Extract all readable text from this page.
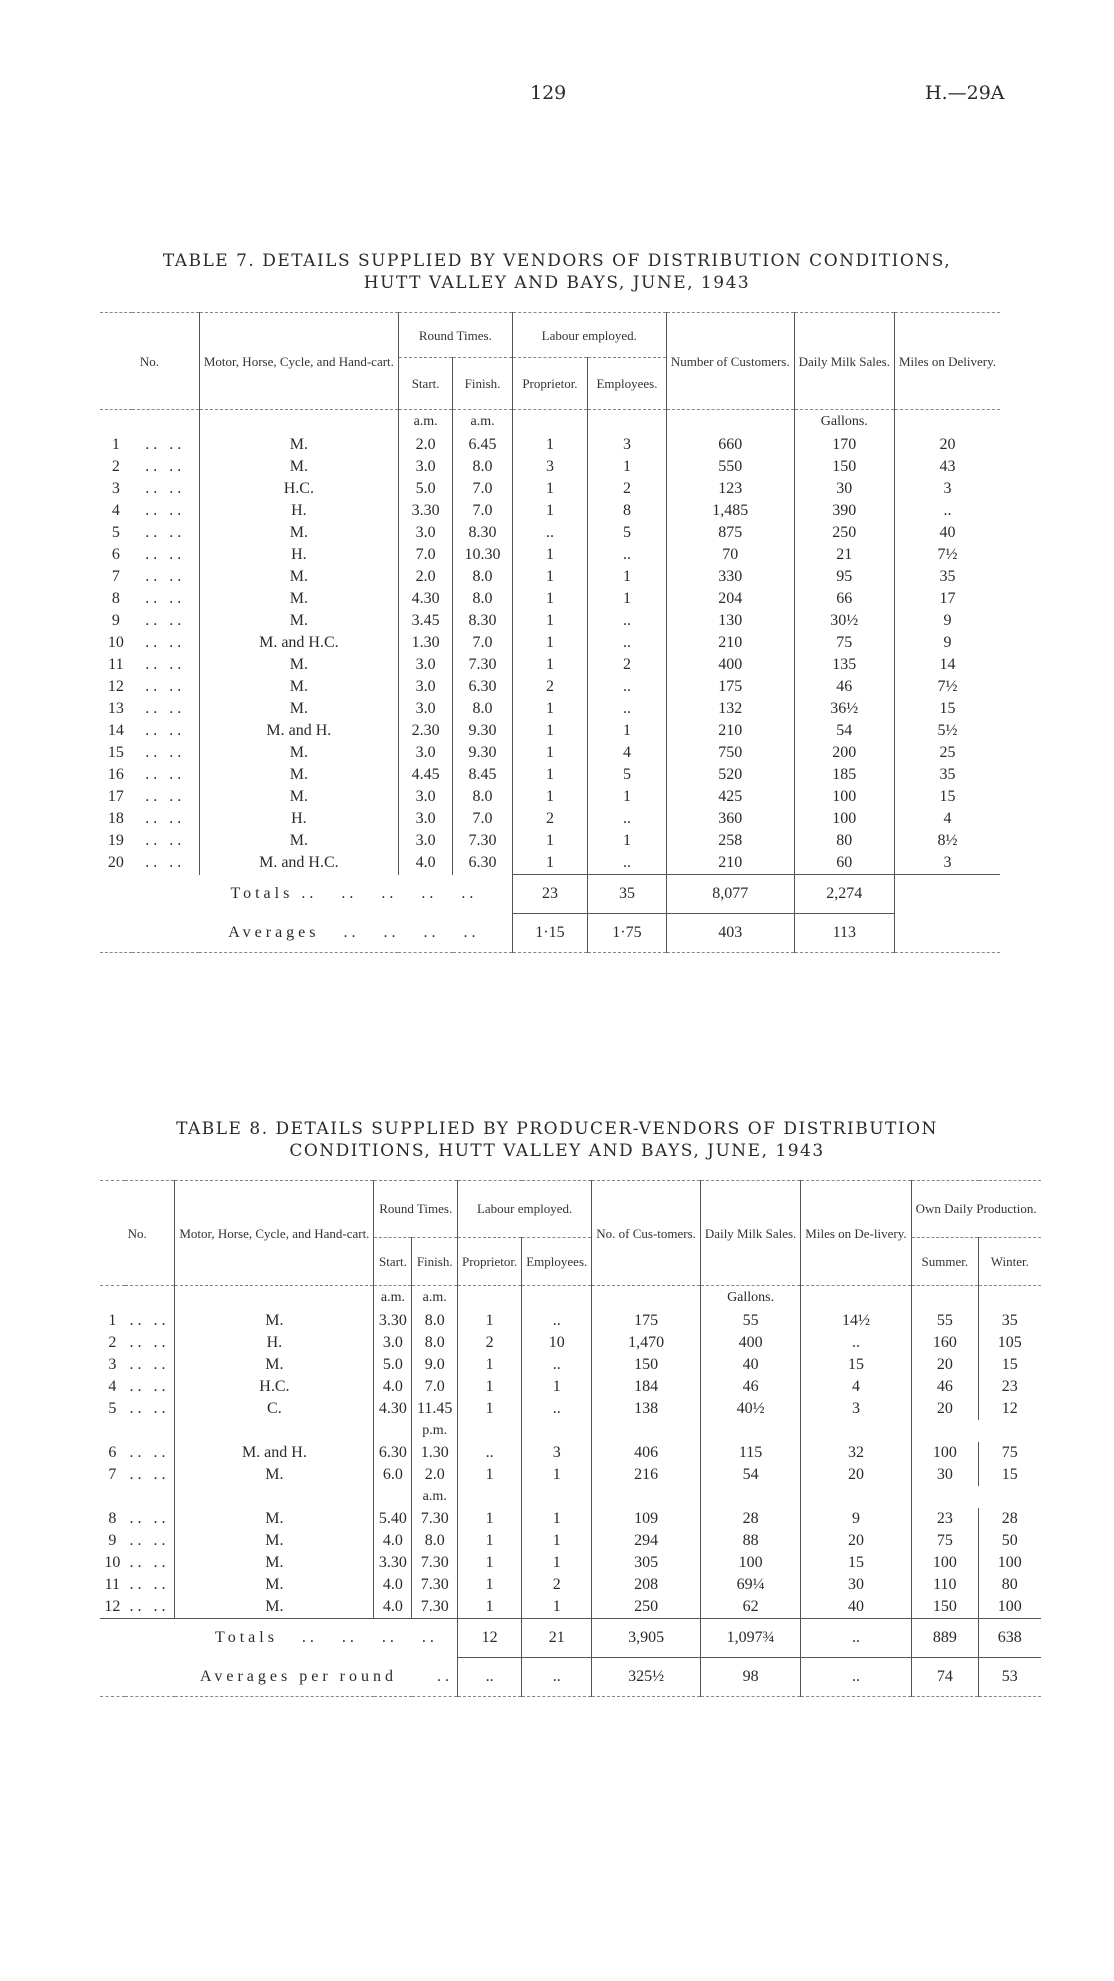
129	H.—29A
TABLE 7. DETAILS SUPPLIED BY VENDORS OF DISTRIBUTION CONDITIONS,
HUTT VALLEY AND BAYS, JUNE, 1943
No.		Motor, Horse, Cycle, and Hand-cart.	Round Times.		Labour employed.		Number of Customers.	Daily Milk Sales.	Miles on Delivery.
			Start.	Finish.	Proprietor.	Employees.			
			a.m.	a.m.				Gallons.	
1	.. ..	M.	2.0	6.45	1	3	660	170	20
2	.. ..	M.	3.0	8.0	3	1	550	150	43
3	.. ..	H.C.	5.0	7.0	1	2	123	30	3
4	.. ..	H.	3.30	7.0	1	8	1,485	390	..
5	.. ..	M.	3.0	8.30	..	5	875	250	40
6	.. ..	H.	7.0	10.30	1	..	70	21	7½
7	.. ..	M.	2.0	8.0	1	1	330	95	35
8	.. ..	M.	4.30	8.0	1	1	204	66	17
9	.. ..	M.	3.45	8.30	1	..	130	30½	9
10	.. ..	M. and H.C.	1.30	7.0	1	..	210	75	9
11	.. ..	M.	3.0	7.30	1	2	400	135	14
12	.. ..	M.	3.0	6.30	2	..	175	46	7½
13	.. ..	M.	3.0	8.0	1	..	132	36½	15
14	.. ..	M. and H.	2.30	9.30	1	1	210	54	5½
15	.. ..	M.	3.0	9.30	1	4	750	200	25
16	.. ..	M.	4.45	8.45	1	5	520	185	35
17	.. ..	M.	3.0	8.0	1	1	425	100	15
18	.. ..	H.	3.0	7.0	2	..	360	100	4
19	.. ..	M.	3.0	7.30	1	1	258	80	8½
20	.. ..	M. and H.C.	4.0	6.30	1	..	210	60	3
Totals ..   ..   ..   ..   ..					23	35	8,077	2,274	
Averages   ..   ..   ..   ..					1·15	1·75	403	113	
TABLE 8. DETAILS SUPPLIED BY PRODUCER-VENDORS OF DISTRIBUTION
CONDITIONS, HUTT VALLEY AND BAYS, JUNE, 1943
No.		Motor, Horse, Cycle, and Hand-cart.	Round Times.		Labour employed.		No. of Cus-tomers.	Daily Milk Sales.	Miles on De-livery.	Own Daily Production.	
			Start.	Finish.	Proprietor.	Employees.				Summer.	Winter.
			a.m.	a.m.				Gallons.			
1	.. ..	M.	3.30	8.0	1	..	175	55	14½	55	35
2	.. ..	H.	3.0	8.0	2	10	1,470	400	..	160	105
3	.. ..	M.	5.0	9.0	1	..	150	40	15	20	15
4	.. ..	H.C.	4.0	7.0	1	1	184	46	4	46	23
5	.. ..	C.	4.30	11.45	1	..	138	40½	3	20	12
				p.m.							
6	.. ..	M. and H.	6.30	1.30	..	3	406	115	32	100	75
7	.. ..	M.	6.0	2.0	1	1	216	54	20	30	15
				a.m.							
8	.. ..	M.	5.40	7.30	1	1	109	28	9	23	28
9	.. ..	M.	4.0	8.0	1	1	294	88	20	75	50
10	.. ..	M.	3.30	7.30	1	1	305	100	15	100	100
11	.. ..	M.	4.0	7.30	1	2	208	69¼	30	110	80
12	.. ..	M.	4.0	7.30	1	1	250	62	40	150	100
Totals   ..   ..   ..   ..					12	21	3,905	1,097¾	..	889	638
Averages per round     ..					..	..	325½	98	..	74	53
